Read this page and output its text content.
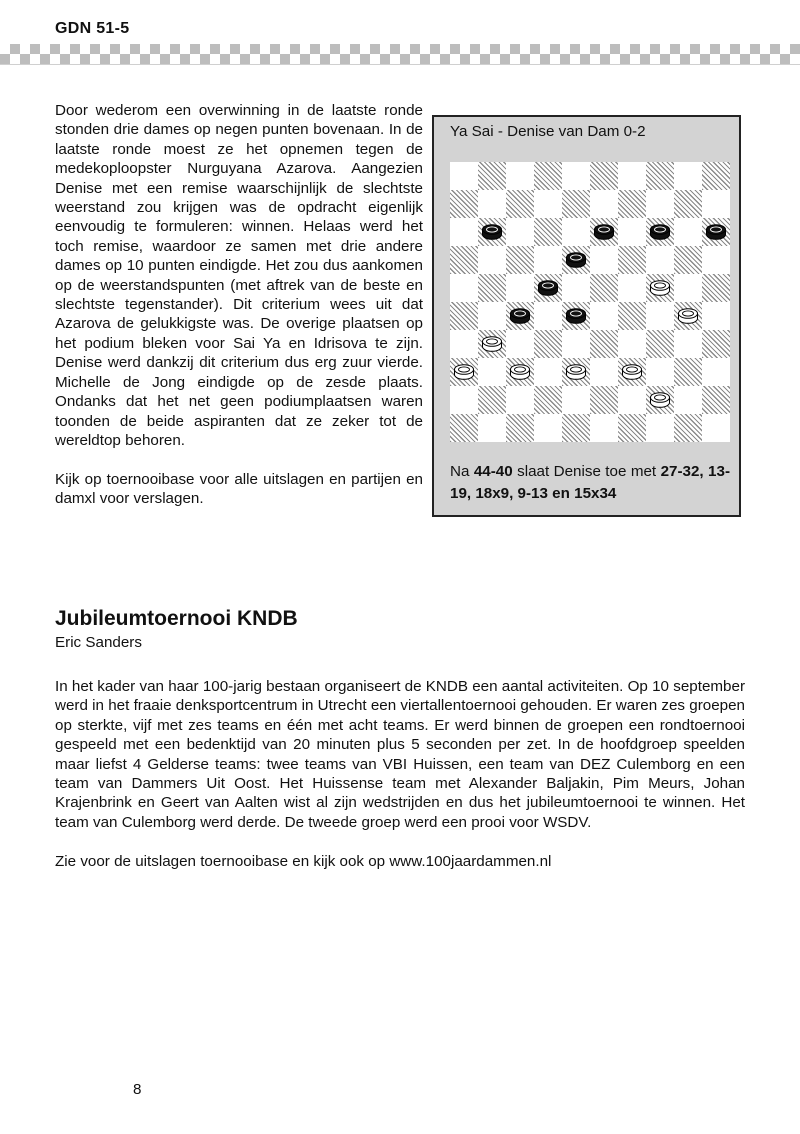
GDN 51-5

Door wederom een overwinning in de laatste ronde stonden drie dames op negen punten bovenaan. In de laatste ronde moest ze het opnemen tegen de medekoploopster Nurguyana Azarova. Aangezien Denise met een remise waarschijnlijk de slechtste weerstand zou krijgen was de opdracht eigenlijk eenvoudig te formuleren: winnen. Helaas werd het toch remise, waardoor ze samen met drie andere dames op 10 punten eindigde. Het zou dus aankomen op de weerstandspunten (met aftrek van de beste en slechtste tegenstander). Dit criterium wees uit dat Azarova de gelukkigste was. De overige plaatsen op het podium bleken voor Sai Ya en Idrisova te zijn. Denise werd dankzij dit criterium dus erg zuur vierde. Michelle de Jong eindigde op de zesde plaats. Ondanks dat het net geen podiumplaatsen waren toonden de beide aspiranten dat ze zeker tot de wereldtop behoren.

Kijk op toernooibase voor alle uitslagen en partijen en damxl voor verslagen.

Ya Sai - Denise van Dam 0-2
Na 44-40 slaat Denise toe met 27-32, 13-19, 18x9, 9-13 en 15x34
Jubileumtoernooi KNDB
Eric Sanders

In het kader van haar 100-jarig bestaan organiseert de KNDB een aantal activiteiten. Op 10 september werd in het fraaie denksportcentrum in Utrecht een viertallentoernooi gehouden. Er waren zes groepen op sterkte, vijf met zes teams en één met acht teams. Er werd binnen de groepen een rondtoernooi gespeeld met een bedenktijd van 20 minuten plus 5 seconden per zet. In de hoofdgroep speelden maar liefst 4 Gelderse teams: twee teams van VBI Huissen, een team van DEZ Culemborg en een team van Dammers Uit Oost. Het Huissense team met Alexander Baljakin, Pim Meurs, Johan Krajenbrink en Geert van Aalten wist al zijn wedstrijden en dus het jubileumtoernooi te winnen. Het team van Culemborg werd derde. De tweede groep werd een prooi voor WSDV.

Zie voor de uitslagen toernooibase en kijk ook op www.100jaardammen.nl

8
